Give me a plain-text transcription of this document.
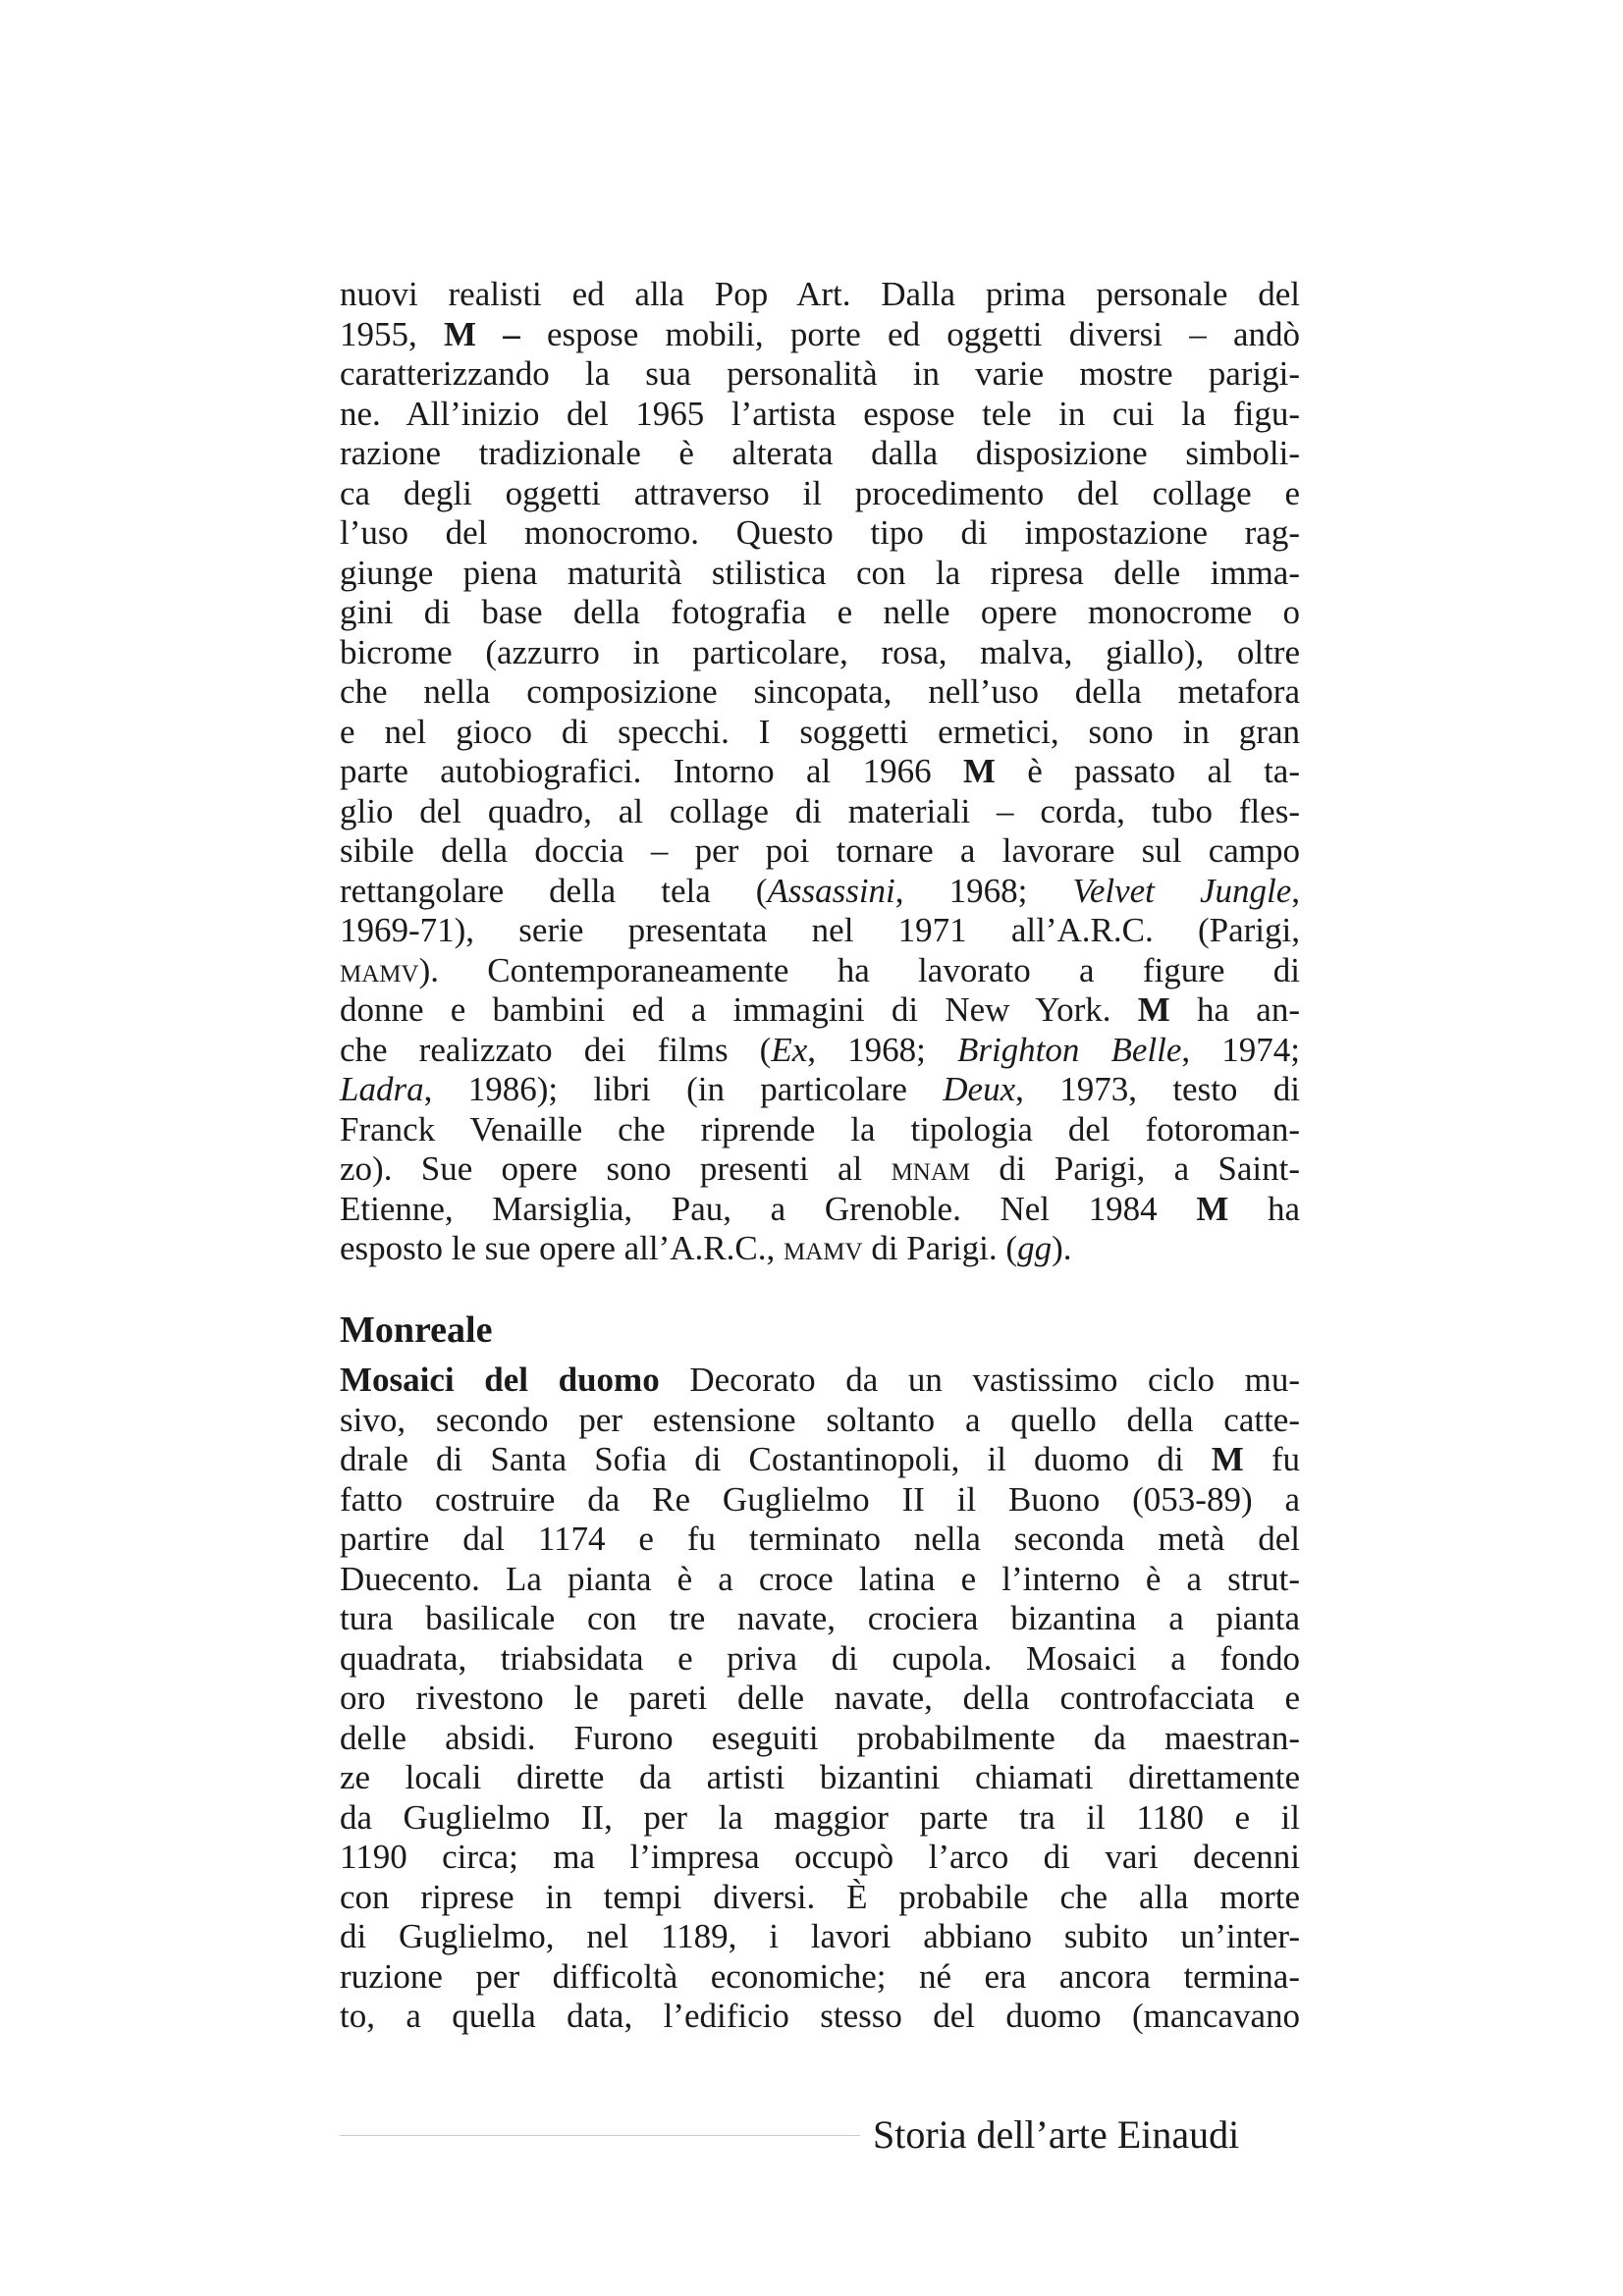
nuovi realisti ed alla Pop Art. Dalla prima personale del
1955, M – espose mobili, porte ed oggetti diversi – andò
caratterizzando la sua personalità in varie mostre parigi-
ne. All’inizio del 1965 l’artista espose tele in cui la figu-
razione tradizionale è alterata dalla disposizione simboli-
ca degli oggetti attraverso il procedimento del collage e
l’uso del monocromo. Questo tipo di impostazione rag-
giunge piena maturità stilistica con la ripresa delle imma-
gini di base della fotografia e nelle opere monocrome o
bicrome (azzurro in particolare, rosa, malva, giallo), oltre
che nella composizione sincopata, nell’uso della metafora
e nel gioco di specchi. I soggetti ermetici, sono in gran
parte autobiografici. Intorno al 1966 M è passato al ta-
glio del quadro, al collage di materiali – corda, tubo fles-
sibile della doccia – per poi tornare a lavorare sul campo
rettangolare della tela (Assassini, 1968; Velvet Jungle,
1969-71), serie presentata nel 1971 all’A.R.C. (Parigi,
mamv). Contemporaneamente ha lavorato a figure di
donne e bambini ed a immagini di New York. M ha an-
che realizzato dei films (Ex, 1968; Brighton Belle, 1974;
Ladra, 1986); libri (in particolare Deux, 1973, testo di
Franck Venaille che riprende la tipologia del fotoroman-
zo). Sue opere sono presenti al mnam di Parigi, a Saint-
Etienne, Marsiglia, Pau, a Grenoble. Nel 1984 M ha
esposto le sue opere all’A.R.C., mamv di Parigi. (gg).
Monreale
Mosaici del duomo Decorato da un vastissimo ciclo mu-
sivo, secondo per estensione soltanto a quello della catte-
drale di Santa Sofia di Costantinopoli, il duomo di M fu
fatto costruire da Re Guglielmo II il Buono (053-89) a
partire dal 1174 e fu terminato nella seconda metà del
Duecento. La pianta è a croce latina e l’interno è a strut-
tura basilicale con tre navate, crociera bizantina a pianta
quadrata, triabsidata e priva di cupola. Mosaici a fondo
oro rivestono le pareti delle navate, della controfacciata e
delle absidi. Furono eseguiti probabilmente da maestran-
ze locali dirette da artisti bizantini chiamati direttamente
da Guglielmo II, per la maggior parte tra il 1180 e il
1190 circa; ma l’impresa occupò l’arco di vari decenni
con riprese in tempi diversi. È probabile che alla morte
di Guglielmo, nel 1189, i lavori abbiano subito un’inter-
ruzione per difficoltà economiche; né era ancora termina-
to, a quella data, l’edificio stesso del duomo (mancavano
Storia dell’arte Einaudi
